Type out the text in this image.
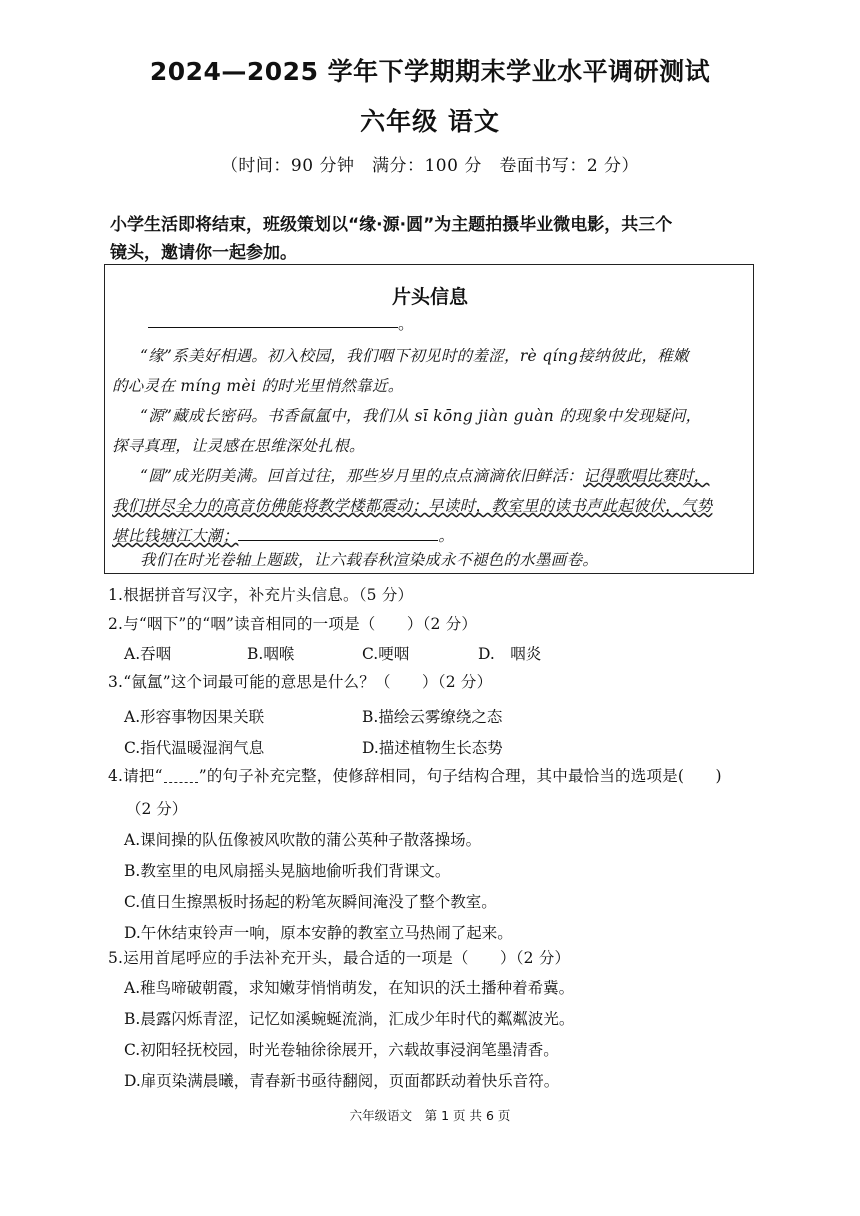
2024—2025 学年下学期期末学业水平调研测试
六年级 语文
（时间：90 分钟　满分：100 分　卷面书写：2 分）
小学生活即将结束，班级策划以“缘·源·圆”为主题拍摄毕业微电影，共三个
镜头，邀请你一起参加。
片头信息
。
“缘”系美好相遇。初入校园，我们咽下初见时的羞涩，rè qíng接纳彼此，稚嫩
的心灵在 míng mèi 的时光里悄然靠近。
“源”藏成长密码。书香氤氲中，我们从 sī kōng jiàn guàn 的现象中发现疑问，
探寻真理，让灵感在思维深处扎根。
“圆”成光阴美满。回首过往，那些岁月里的点点滴滴依旧鲜活：记得歌唱比赛时，
我们拼尽全力的高音仿佛能将教学楼都震动；早读时，教室里的读书声此起彼伏，气势
堪比钱塘江大潮；	。
我们在时光卷轴上题跋，让六载春秋渲染成永不褪色的水墨画卷。
1.根据拼音写汉字，补充片头信息。（5 分）
2.与“咽下”的“咽”读音相同的一项是（　　）（2 分）
A.吞咽	B.咽喉	C.哽咽	D.　咽炎
3.“氤氲”这个词最可能的意思是什么？（　　）（2 分）
A.形容事物因果关联	B.描绘云雾缭绕之态
C.指代温暖湿润气息	D.描述植物生长态势
4.请把“ ”的句子补充完整，使修辞相同，句子结构合理，其中最恰当的选项是(　　)
（2 分）
A.课间操的队伍像被风吹散的蒲公英种子散落操场。
B.教室里的电风扇摇头晃脑地偷听我们背课文。
C.值日生擦黑板时扬起的粉笔灰瞬间淹没了整个教室。
D.午休结束铃声一响，原本安静的教室立马热闹了起来。
5.运用首尾呼应的手法补充开头，最合适的一项是（　　）（2 分）
A.稚鸟啼破朝霞，求知嫩芽悄悄萌发，在知识的沃土播种着希冀。
B.晨露闪烁青涩，记忆如溪蜿蜒流淌，汇成少年时代的粼粼波光。
C.初阳轻抚校园，时光卷轴徐徐展开，六载故事浸润笔墨清香。
D.扉页染满晨曦，青春新书亟待翻阅，页面都跃动着快乐音符。
六年级语文　第 1 页 共 6 页
